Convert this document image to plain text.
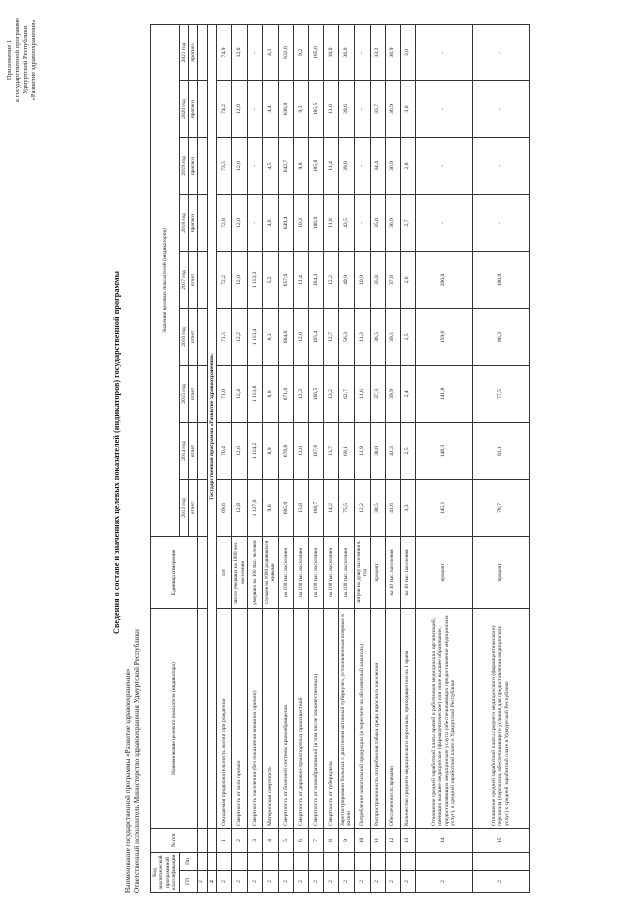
Приложение 1 к государственной программе Удмуртской Республики «Развитие здравоохранения»
Сведения о составе и значениях целевых показателей (индикаторов) государственной программы
Наименование государственной программы «Развитие здравоохранения» Ответственный исполнитель Министерство здравоохранения Удмуртской Республики Код аналитической программной классификации		№ п/п	Наименование целевого показателя (индикатора)	Единица измерения	Значения целевых показателей (индикаторов)								
ГП	Пп				2013 год	2014 год	2015 год	2016 год	2017 год	2018 год	2019 год	2020 год	2021 год
					отчет	отчет	отчет	отчет	отчет	прогноз	прогноз	прогноз	прогноз
2													
2			Государственная программа «Развитие здравоохранения»										
2		1	Ожидаемая продолжительность жизни при рождении	лет	69,6	70,4	71,0	71,5	72,2	72,8	73,5	74,2	74,9
2		2	Смертность от всех причин	число умерших на 1000 чел. населения	12,8	12,6	12,4	12,2	12,0	12,0	12,0	12,0	12,0
2		3	Смертность населения (без показателя внешних причин)	умерших на 100 тыс. человек	1 127,0	1 114,2	1 113,8	1 113,4	1 113,3	-	-	-	-
2		4	Материнская смертность	случаев на 1000 родившихся живыми	9,0	8,9	8,8	8,3	5,2	4,6	4,5	4,4	4,3
2		5	Смертность от болезней системы кровообращения	на 100 тыс. населения	685,0	678,0	671,0	664,0	657,0	649,4	642,7	636,0	632,0
2		6	Смертность от дорожно-транспортных происшествий	на 100 тыс. населения	13,8	13,0	12,3	12,0	11,4	10,3	9,8	9,3	9,2
2		7	Смертность от новообразований (в том числе злокачественных)	на 100 тыс. населения	168,7	167,6	166,5	165,4	164,3	186,0	185,8	185,5	185,0
2		8	Смертность от туберкулеза	на 100 тыс. населения	14,2	13,7	13,2	12,7	12,2	11,8	11,4	11,0	10,0
2		9	Зарегистрировано больных с диагнозом активный туберкулез, установленным впервые в жизни	на 100 тыс. населения	75,5	69,1	62,7	56,3	49,9	43,5	39,8	39,6	36,0
2		10	Потребление алкогольной продукции (в пересчете на абсолютный алкоголь)	литров на душу населения в год	12,2	11,9	11,6	11,3	10,9	-	-	-	-
2		11	Распространенность потребления табака среди взрослого населения	процент	38,5	38,0	37,3	36,5	35,8	35,0	34,4	33,7	33,2
2		12	Обеспеченность врачами	на 10 тыс. населения	41,6	41,3	39,9	39,5	37,8	36,9	36,9	36,9	36,9
2		13	Количество среднего медицинского персонала, приходящегося на 1 врача	на 10 тыс. населения	3,3	2,5	2,4	2,5	2,6	2,7	2,8	3,0	3,0
2		14	Отношение средней заработной платы врачей и работников медицинских организаций, имеющих высшее медицинское (фармацевтическое) или иное высшее образование, предоставляющих медицинские услуги (обеспечивающих предоставление медицинских услуг), к средней заработной плате в Удмуртской Республике	процент	145,1	148,3	141,8	159,6	200,0	-	-	-	-
2		15	Отношение средней заработной платы среднего медицинского (фармацевтического) персонала (персонала, обеспечивающего условия для предоставления медицинских услуг) к средней заработной плате в Удмуртской Республике	процент	78,7	81,1	77,5	86,3	100,0	-	-	-	-
